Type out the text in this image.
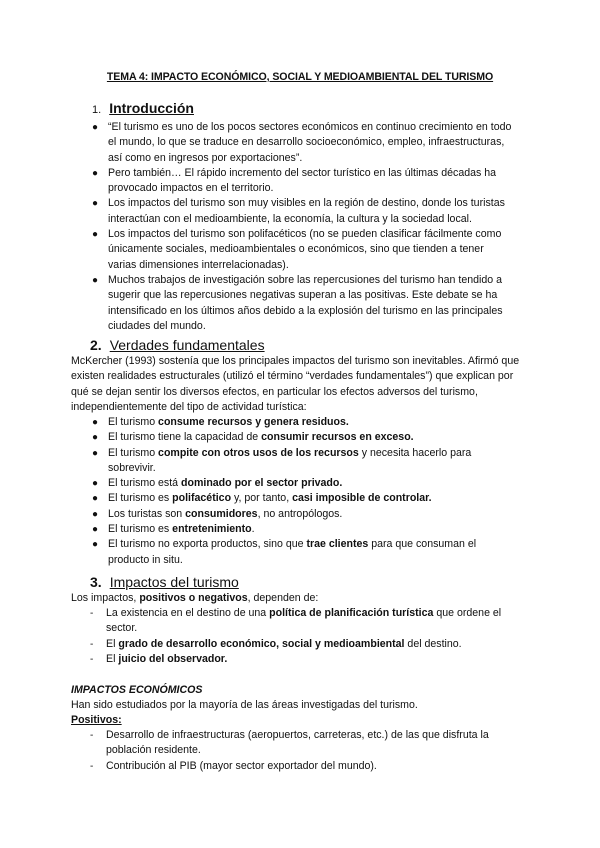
TEMA 4: IMPACTO ECONÓMICO, SOCIAL Y MEDIOAMBIENTAL DEL TURISMO
1. Introducción
● “El turismo es uno de los pocos sectores económicos en continuo crecimiento en todo el mundo, lo que se traduce en desarrollo socioeconómico, empleo, infraestructuras, así como en ingresos por exportaciones”.
● Pero también… El rápido incremento del sector turístico en las últimas décadas ha provocado impactos en el territorio.
● Los impactos del turismo son muy visibles en la región de destino, donde los turistas interactúan con el medioambiente, la economía, la cultura y la sociedad local.
● Los impactos del turismo son polifacéticos (no se pueden clasificar fácilmente como únicamente sociales, medioambientales o económicos, sino que tienden a tener varias dimensiones interrelacionadas).
● Muchos trabajos de investigación sobre las repercusiones del turismo han tendido a sugerir que las repercusiones negativas superan a las positivas. Este debate se ha intensificado en los últimos años debido a la explosión del turismo en las principales ciudades del mundo.
2. Verdades fundamentales
McKercher (1993) sostenía que los principales impactos del turismo son inevitables. Afirmó que existen realidades estructurales (utilizó el término “verdades fundamentales”) que explican por qué se dejan sentir los diversos efectos, en particular los efectos adversos del turismo, independientemente del tipo de actividad turística:
● El turismo consume recursos y genera residuos.
● El turismo tiene la capacidad de consumir recursos en exceso.
● El turismo compite con otros usos de los recursos y necesita hacerlo para sobrevivir.
● El turismo está dominado por el sector privado.
● El turismo es polifacético y, por tanto, casi imposible de controlar.
● Los turistas son consumidores, no antropólogos.
● El turismo es entretenimiento.
● El turismo no exporta productos, sino que trae clientes para que consuman el producto in situ.
3. Impactos del turismo
Los impactos, positivos o negativos, dependen de:
- La existencia en el destino de una política de planificación turística que ordene el sector.
- El grado de desarrollo económico, social y medioambiental del destino.
- El juicio del observador.
IMPACTOS ECONÓMICOS
Han sido estudiados por la mayoría de las áreas investigadas del turismo.
Positivos:
- Desarrollo de infraestructuras (aeropuertos, carreteras, etc.) de las que disfruta la población residente.
- Contribución al PIB (mayor sector exportador del mundo).
